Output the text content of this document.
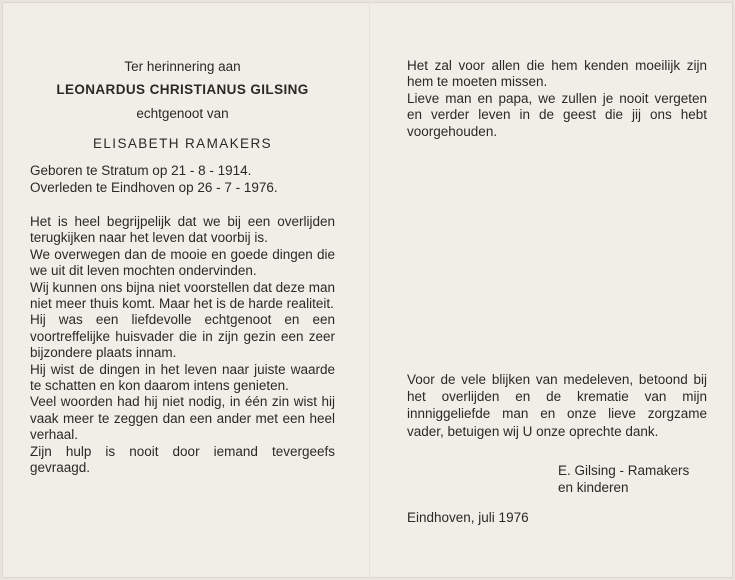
Ter herinnering aan
LEONARDUS CHRISTIANUS GILSING
echtgenoot van
ELISABETH RAMAKERS
Geboren te Stratum op 21 - 8 - 1914.
Overleden te Eindhoven op 26 - 7 - 1976.

Het is heel begrijpelijk dat we bij een overlijden terugkijken naar het leven dat voorbij is.

We overwegen dan de mooie en goede dingen die we uit dit leven mochten ondervinden.

Wij kunnen ons bijna niet voorstellen dat deze man niet meer thuis komt. Maar het is de harde realiteit.

Hij was een liefdevolle echtgenoot en een voortreffelijke huisvader die in zijn gezin een zeer bijzondere plaats innam.

Hij wist de dingen in het leven naar juiste waarde te schatten en kon daarom intens genieten.

Veel woorden had hij niet nodig, in één zin wist hij vaak meer te zeggen dan een ander met een heel verhaal.

Zijn hulp is nooit door iemand tevergeefs gevraagd.

Het zal voor allen die hem kenden moeilijk zijn hem te moeten missen.

Lieve man en papa, we zullen je nooit vergeten en verder leven in de geest die jij ons hebt voorgehouden.

Voor de vele blijken van medeleven, betoond bij het overlijden en de krematie van mijn innniggeliefde man en onze lieve zorgzame vader, betuigen wij U onze oprechte dank.

E. Gilsing - Ramakers
en kinderen
Eindhoven, juli 1976
